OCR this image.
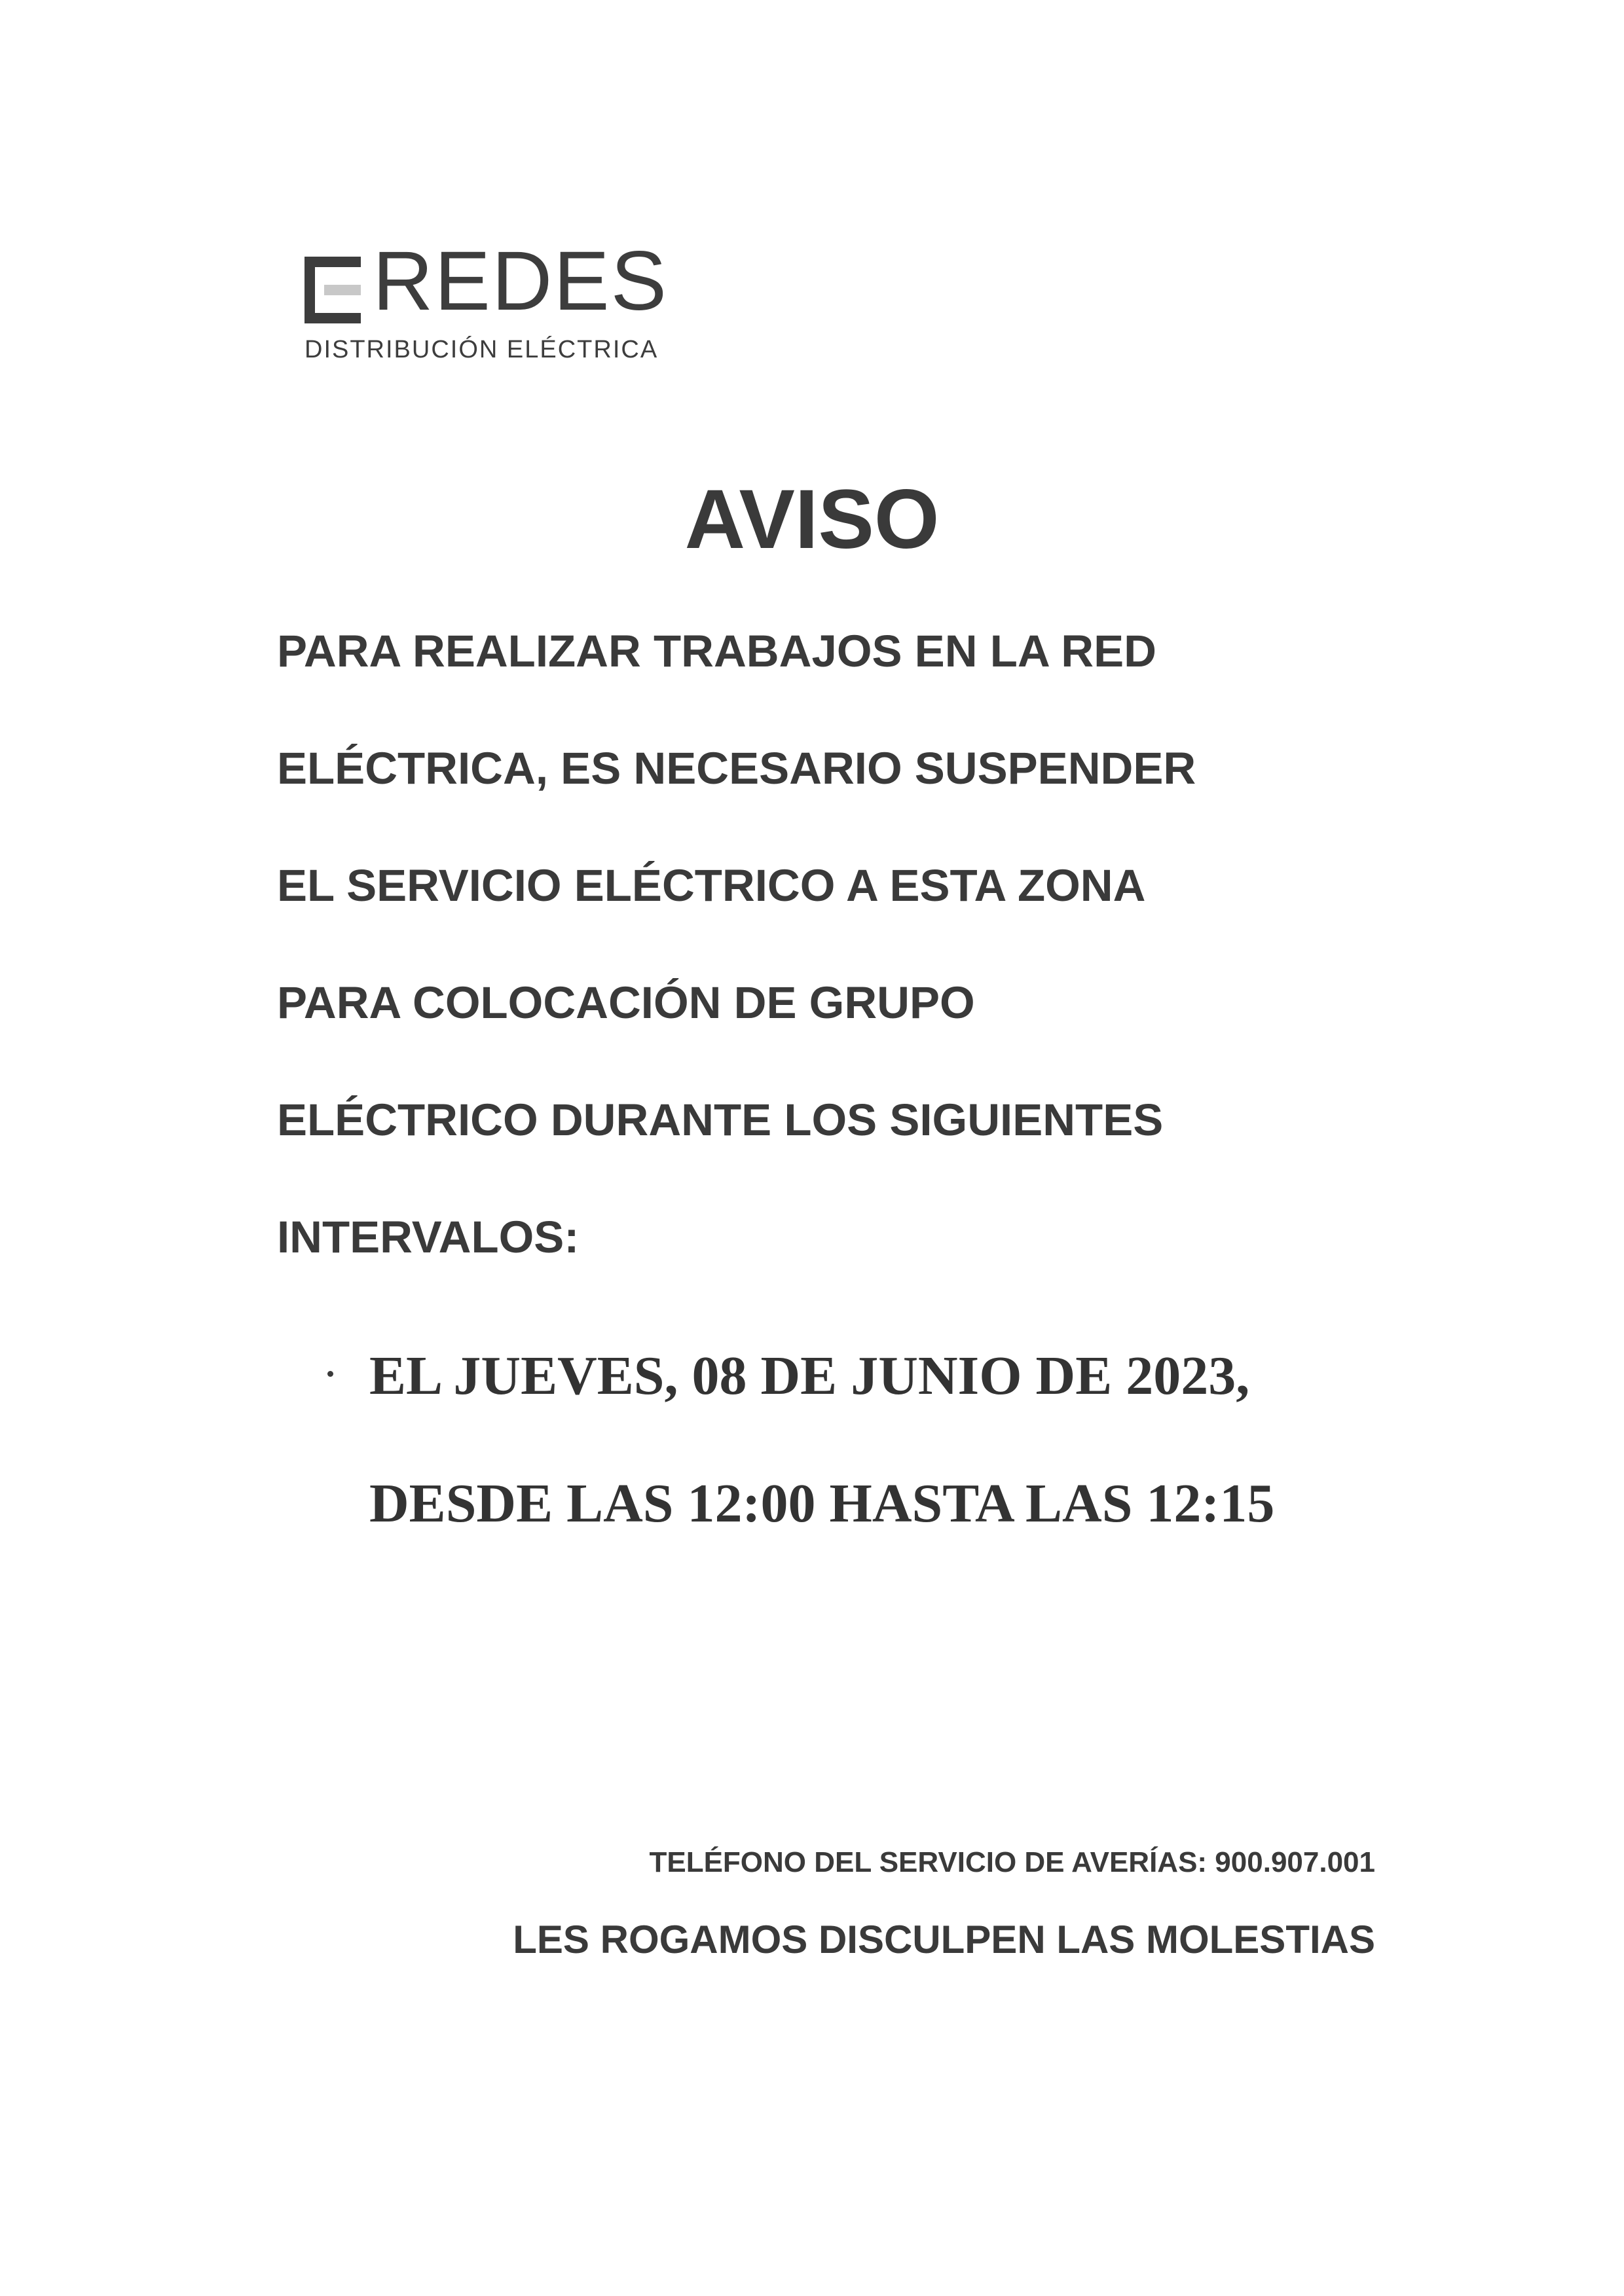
REDES
DISTRIBUCIÓN ELÉCTRICA
AVISO
PARA REALIZAR TRABAJOS EN LA RED
ELÉCTRICA, ES NECESARIO SUSPENDER
EL SERVICIO ELÉCTRICO A ESTA ZONA
PARA COLOCACIÓN DE GRUPO
ELÉCTRICO DURANTE LOS SIGUIENTES
INTERVALOS:
EL JUEVES, 08 DE JUNIO DE 2023,
DESDE LAS 12:00 HASTA LAS 12:15
TELÉFONO DEL SERVICIO DE AVERÍAS: 900.907.001
LES ROGAMOS DISCULPEN LAS MOLESTIAS
